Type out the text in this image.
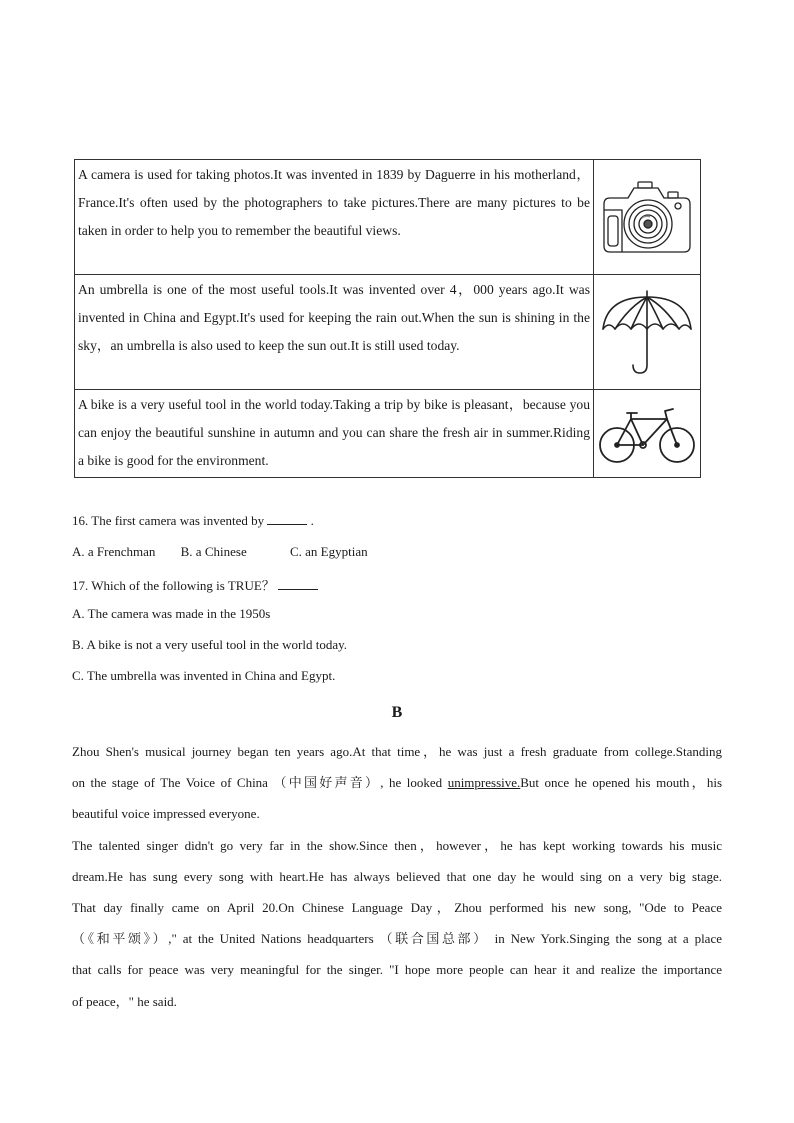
A camera is used for taking photos.It was invented in 1839 by Daguerre in his motherland，France.It's often used by the photographers to take pictures.There are many pictures to be taken in order to help you to remember the beautiful views.	

An umbrella is one of the most useful tools.It was invented over 4，000 years ago.It was invented in China and Egypt.It's used for keeping the rain out.When the sun is shining in the sky，an umbrella is also used to keep the sun out.It is still used today.	

A bike is a very useful tool in the world today.Taking a trip by bike is pleasant，because you can enjoy the beautiful sunshine in autumn and you can share the fresh air in summer.Riding a bike is good for the environment.	
16. The first camera was invented by	.
A. a Frenchman B. a Chinese	C. an Egyptian
17. Which of the following is TRUE？
A. The camera was made in the 1950s
B. A bike is not a very useful tool in the world today.
C. The umbrella was invented in China and Egypt.
B
Zhou Shen's musical journey began ten years ago.At that time，he was just a fresh graduate from college.Standing
on the stage of The Voice of China （中国好声音）, he looked unimpressive.But once he opened his mouth，his
beautiful voice impressed everyone.
The talented singer didn't go very far in the show.Since then，however，he has kept working towards his music
dream.He has sung every song with heart.He has always believed that one day he would sing on a very big stage.
That day finally came on April 20.On Chinese Language Day，Zhou performed his new song, "Ode to Peace
（《和平颂》）," at the United Nations headquarters （联合国总部） in New York.Singing the song at a place
that calls for peace was very meaningful for the singer. "I hope more people can hear it and realize the importance
of peace，" he said.
